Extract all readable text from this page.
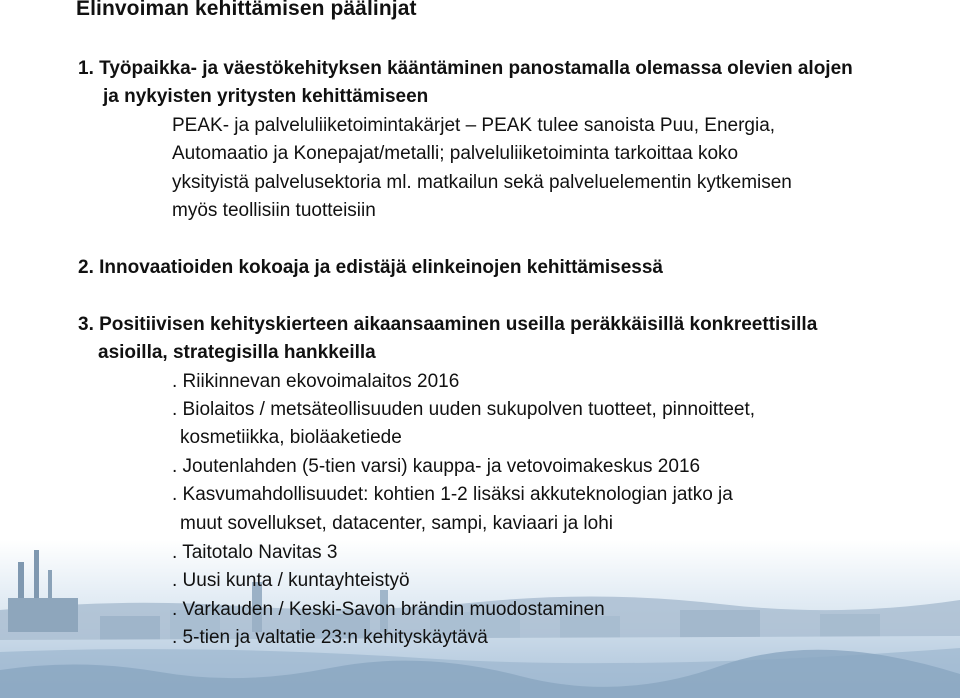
Elinvoiman kehittämisen päälinjat
1. Työpaikka- ja väestökehityksen kääntäminen panostamalla olemassa olevien alojen
ja nykyisten yritysten kehittämiseen
PEAK- ja palveluliiketoimintakärjet – PEAK tulee sanoista Puu, Energia,
Automaatio ja Konepajat/metalli; palveluliiketoiminta tarkoittaa koko
yksityistä palvelusektoria ml. matkailun sekä palveluelementin kytkemisen
myös teollisiin tuotteisiin
2. Innovaatioiden kokoaja ja edistäjä elinkeinojen kehittämisessä
3. Positiivisen kehityskierteen aikaansaaminen useilla peräkkäisillä konkreettisilla
asioilla, strategisilla hankkeilla
. Riikinnevan ekovoimalaitos 2016
. Biolaitos / metsäteollisuuden uuden sukupolven tuotteet, pinnoitteet,
kosmetiikka, bioläaketiede
. Joutenlahden (5-tien varsi) kauppa- ja vetovoimakeskus 2016
. Kasvumahdollisuudet: kohtien 1-2 lisäksi akkuteknologian jatko ja
muut sovellukset, datacenter, sampi, kaviaari ja lohi
. Taitotalo Navitas 3
. Uusi kunta / kuntayhteistyö
. Varkauden / Keski-Savon brändin muodostaminen
. 5-tien ja valtatie 23:n kehityskäytävä
